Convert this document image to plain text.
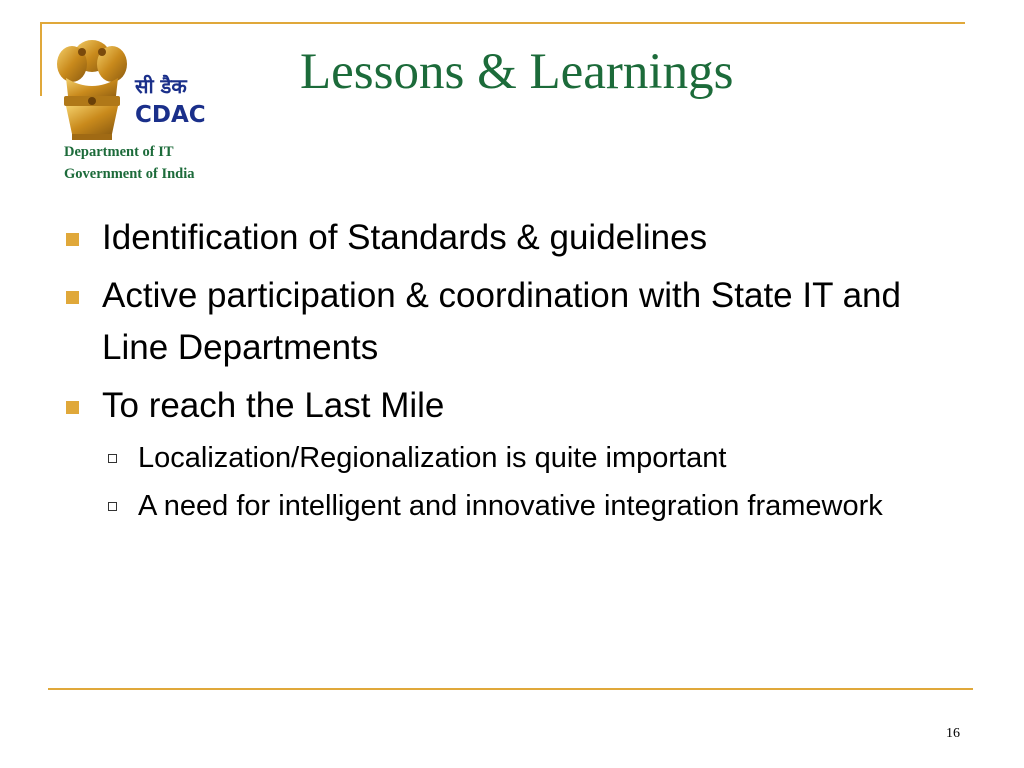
सी डैक
CDAC
Department of IT
Government of India
Lessons & Learnings
Identification of Standards & guidelines
Active participation & coordination with State IT and Line Departments
To reach the Last Mile
Localization/Regionalization is quite important
A need for intelligent and innovative integration framework
16
